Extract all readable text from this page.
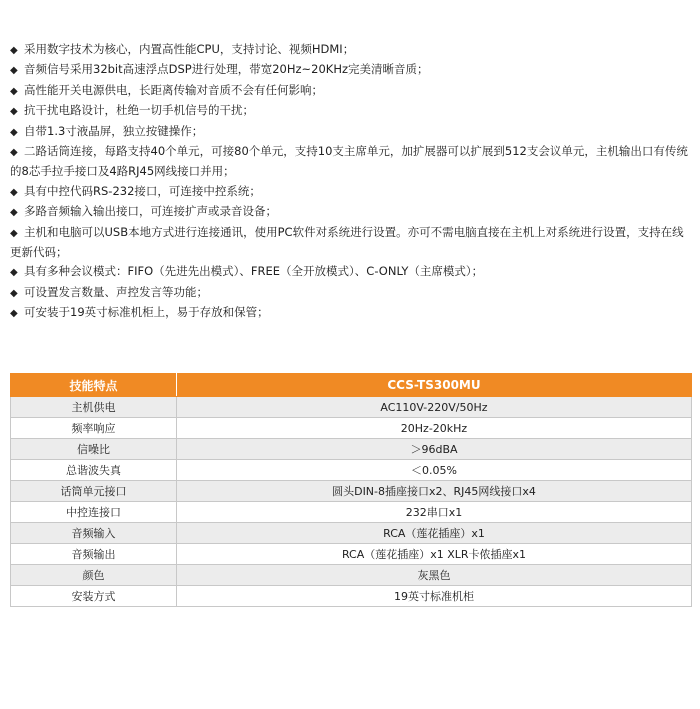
◆ 采用数字技术为核心，内置高性能CPU，支持讨论、视频HDMI；

◆ 音频信号采用32bit高速浮点DSP进行处理，带宽20Hz~20KHz完美清晰音质；

◆ 高性能开关电源供电，长距离传输对音质不会有任何影响；

◆ 抗干扰电路设计，杜绝一切手机信号的干扰；

◆ 自带1.3寸液晶屏，独立按键操作；

◆ 二路话筒连接，每路支持40个单元，可接80个单元，支持10支主席单元，加扩展器可以扩展到512支会议单元，主机输出口有传统的8芯手拉手接口及4路RJ45网线接口并用；

◆ 具有中控代码RS-232接口，可连接中控系统；

◆ 多路音频输入输出接口，可连接扩声或录音设备；

◆ 主机和电脑可以USB本地方式进行连接通讯，使用PC软件对系统进行设置。亦可不需电脑直接在主机上对系统进行设置，支持在线更新代码；

◆ 具有多种会议模式：FIFO（先进先出模式）、FREE（全开放模式）、C-ONLY（主席模式）；

◆ 可设置发言数量、声控发言等功能；

◆ 可安装于19英寸标准机柜上，易于存放和保管；

技能特点	CCS-TS300MU
主机供电	AC110V-220V/50Hz
频率响应	20Hz-20kHz
信噪比	＞96dBA
总谐波失真	＜0.05%
话筒单元接口	圆头DIN-8插座接口x2、RJ45网线接口x4
中控连接口	232串口x1
音频输入	RCA（莲花插座）x1
音频输出	RCA（莲花插座）x1 XLR卡侬插座x1
颜色	灰黑色
安装方式	19英寸标准机柜
